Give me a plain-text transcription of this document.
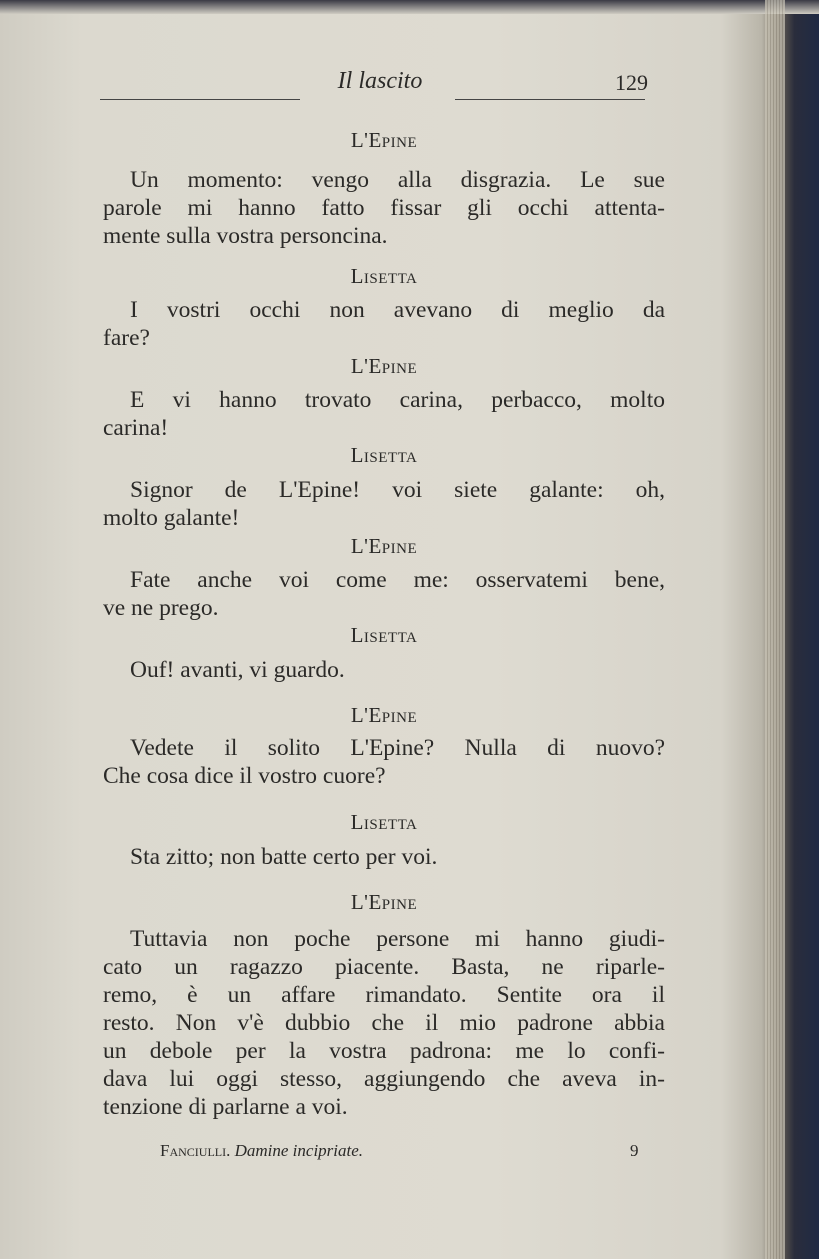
Il lascito	129
L'Epine
Un momento: vengo alla disgrazia. Le sue
parole mi hanno fatto fissar gli occhi attenta-
mente sulla vostra personcina.
Lisetta
I vostri occhi non avevano di meglio da
fare?
L'Epine
E vi hanno trovato carina, perbacco, molto
carina!
Lisetta
Signor de L'Epine! voi siete galante: oh,
molto galante!
L'Epine
Fate anche voi come me: osservatemi bene,
ve ne prego.
Lisetta
Ouf! avanti, vi guardo.
L'Epine
Vedete il solito L'Epine? Nulla di nuovo?
Che cosa dice il vostro cuore?
Lisetta
Sta zitto; non batte certo per voi.
L'Epine
Tuttavia non poche persone mi hanno giudi-
cato un ragazzo piacente. Basta, ne riparle-
remo, è un affare rimandato. Sentite ora il
resto. Non v'è dubbio che il mio padrone abbia
un debole per la vostra padrona: me lo confi-
dava lui oggi stesso, aggiungendo che aveva in-
tenzione di parlarne a voi.
Fanciulli. Damine incipriate.	9
